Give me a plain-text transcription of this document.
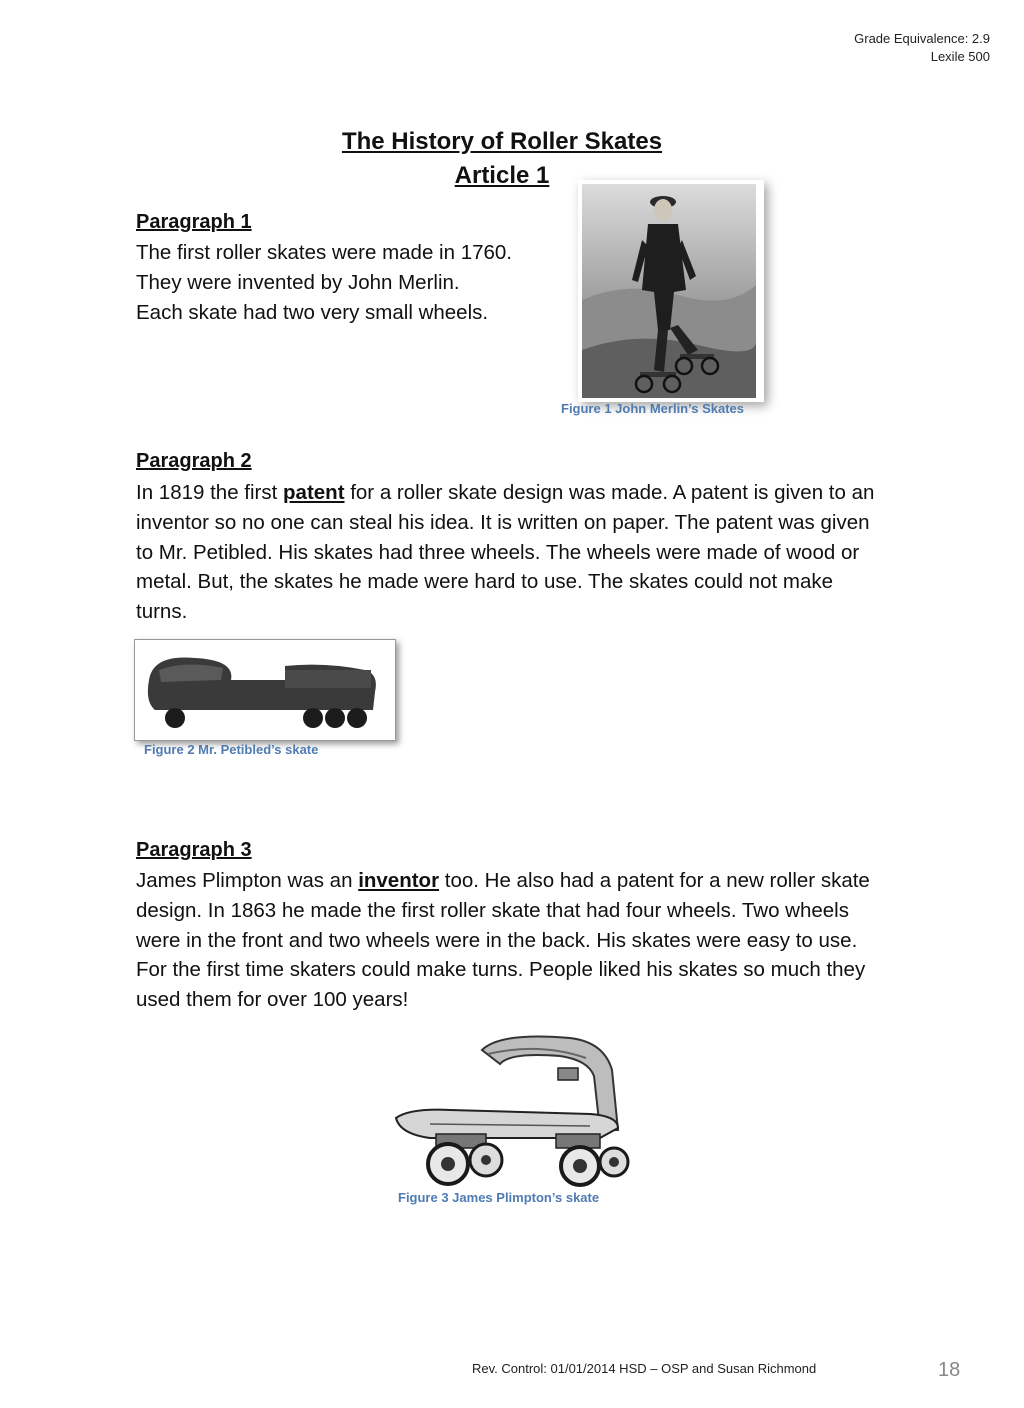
Grade Equivalence: 2.9
Lexile 500
The History of Roller Skates
Article 1
Paragraph 1
The first roller skates were made in 1760.
They were invented by John Merlin.
Each skate had two very small wheels.
Figure 1 John Merlin’s Skates
Paragraph 2
In 1819 the first patent for a roller skate design was made. A patent is given to an inventor so no one can steal his idea. It is written on paper. The patent was given to Mr. Petibled. His skates had three wheels. The wheels were made of wood or metal. But, the skates he made were hard to use. The skates could not make turns.
Figure 2 Mr. Petibled’s skate
Paragraph 3
James Plimpton was an inventor too. He also had a patent for a new roller skate design. In 1863 he made the first roller skate that had four wheels. Two wheels were in the front and two wheels were in the back. His skates were easy to use. For the first time skaters could make turns. People liked his skates so much they used them for over 100 years!
Figure 3 James Plimpton’s skate
Rev. Control: 01/01/2014 HSD – OSP and Susan Richmond	18
